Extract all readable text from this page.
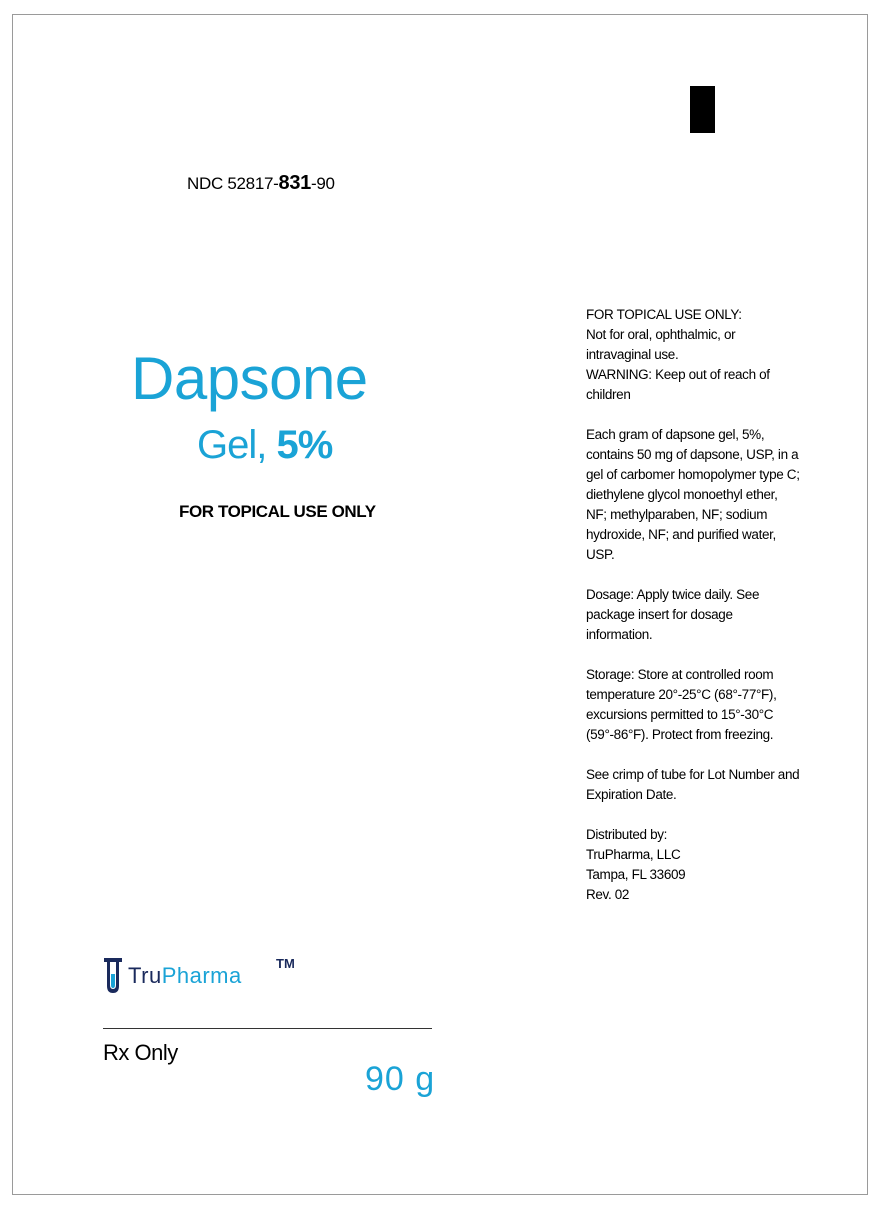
NDC 52817-831-90
Dapsone
Gel, 5%
FOR TOPICAL USE ONLY

FOR TOPICAL USE ONLY:
Not for oral, ophthalmic, or
intravaginal use.
WARNING: Keep out of reach of
children

Each gram of dapsone gel, 5%,
contains 50 mg of dapsone, USP, in a
gel of carbomer homopolymer type C;
diethylene glycol monoethyl ether,
NF; methylparaben, NF; sodium
hydroxide, NF; and purified water,
USP.

Dosage: Apply twice daily. See
package insert for dosage
information.

Storage: Store at controlled room
temperature 20°-25°C (68°-77°F),
excursions permitted to 15°-30°C
(59°-86°F). Protect from freezing.

See crimp of tube for Lot Number and
Expiration Date.

Distributed by:
TruPharma, LLC
Tampa, FL 33609
Rev. 02

TruPharma	TM
Rx Only
90 g
